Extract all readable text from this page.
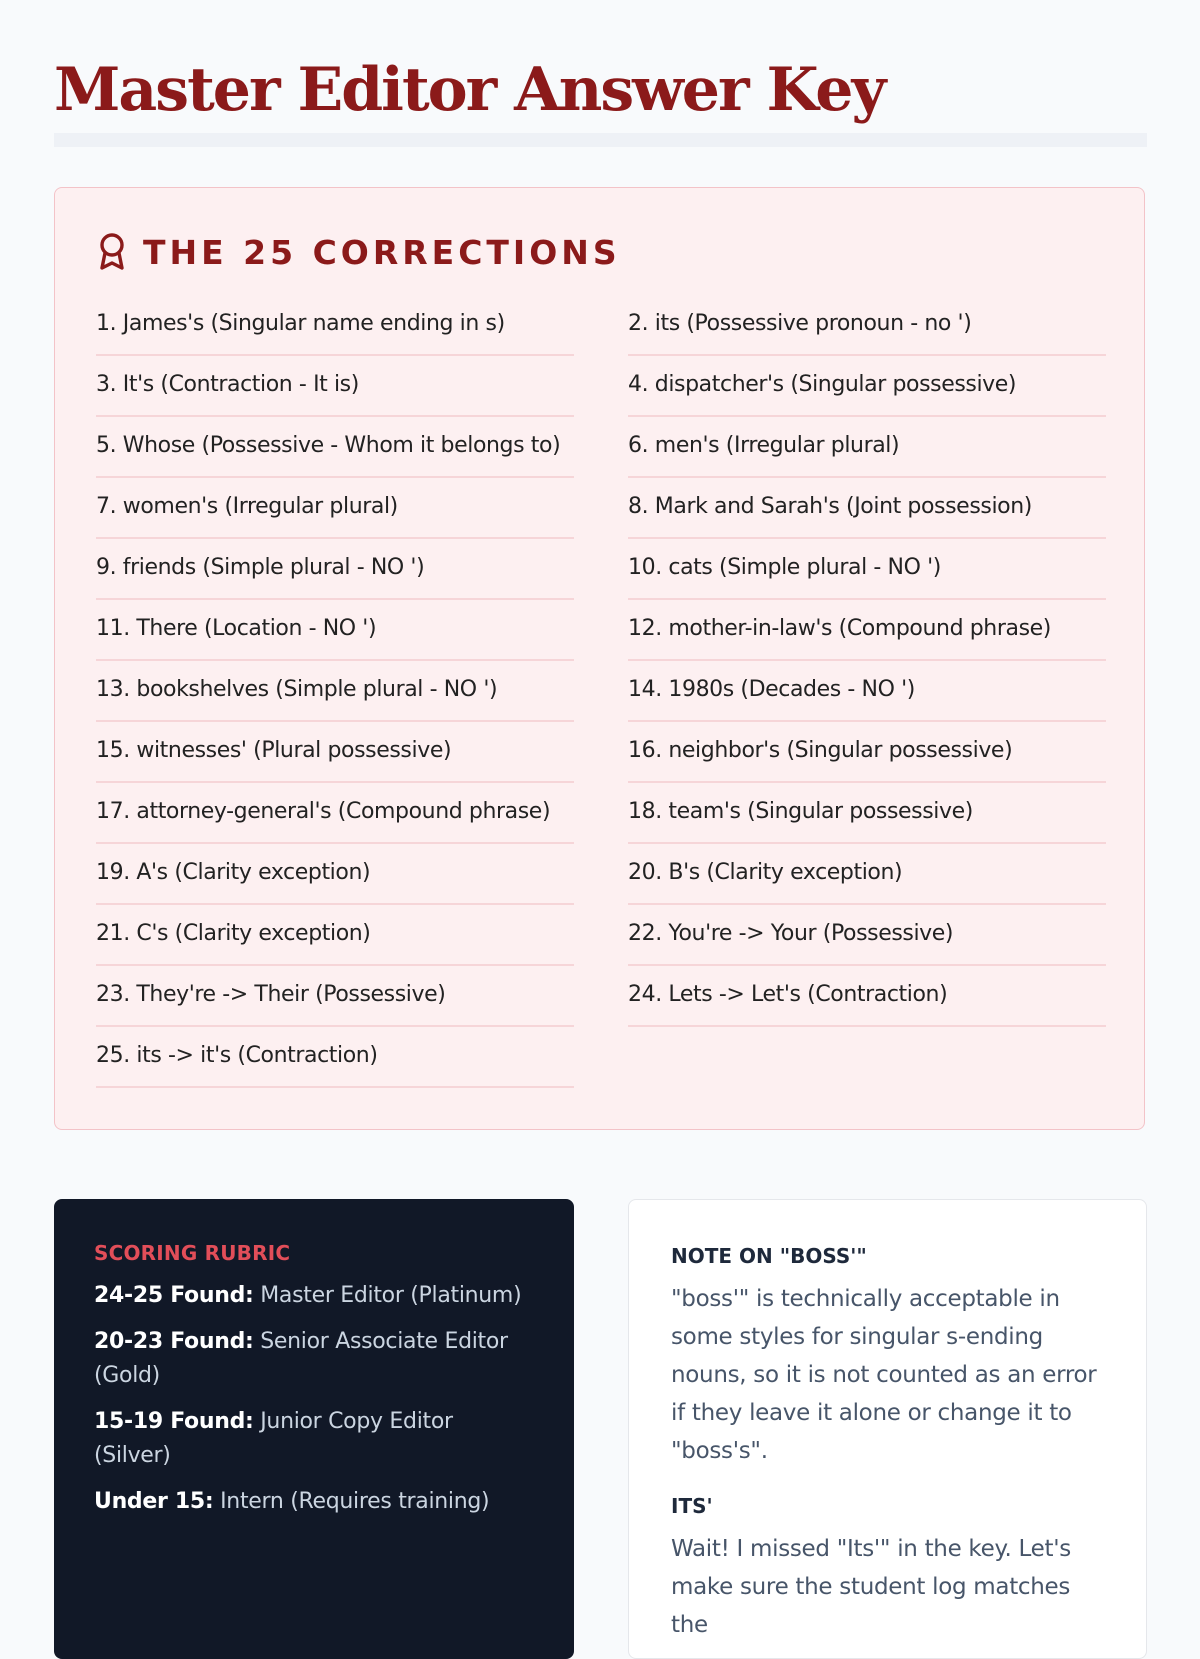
Master Editor Answer Key
THE 25 CORRECTIONS
1. James's (Singular name ending in s)	2. its (Possessive pronoun - no ')
3. It's (Contraction - It is)	4. dispatcher's (Singular possessive)
5. Whose (Possessive - Whom it belongs to)	6. men's (Irregular plural)
7. women's (Irregular plural)	8. Mark and Sarah's (Joint possession)
9. friends (Simple plural - NO ')	10. cats (Simple plural - NO ')
11. There (Location - NO ')	12. mother-in-law's (Compound phrase)
13. bookshelves (Simple plural - NO ')	14. 1980s (Decades - NO ')
15. witnesses' (Plural possessive)	16. neighbor's (Singular possessive)
17. attorney-general's (Compound phrase)	18. team's (Singular possessive)
19. A's (Clarity exception)	20. B's (Clarity exception)
21. C's (Clarity exception)	22. You're -> Your (Possessive)
23. They're -> Their (Possessive)	24. Lets -> Let's (Contraction)
25. its -> it's (Contraction)
SCORING RUBRIC
24-25 Found: Master Editor (Platinum)
20-23 Found: Senior Associate Editor (Gold)
15-19 Found: Junior Copy Editor (Silver)
Under 15: Intern (Requires training)
NOTE ON "BOSS'"

"boss'" is technically acceptable in some styles for singular s-ending nouns, so it is not counted as an error if they leave it alone or change it to "boss's".

ITS'

Wait! I missed "Its'" in the key. Let's make sure the student log matches the
